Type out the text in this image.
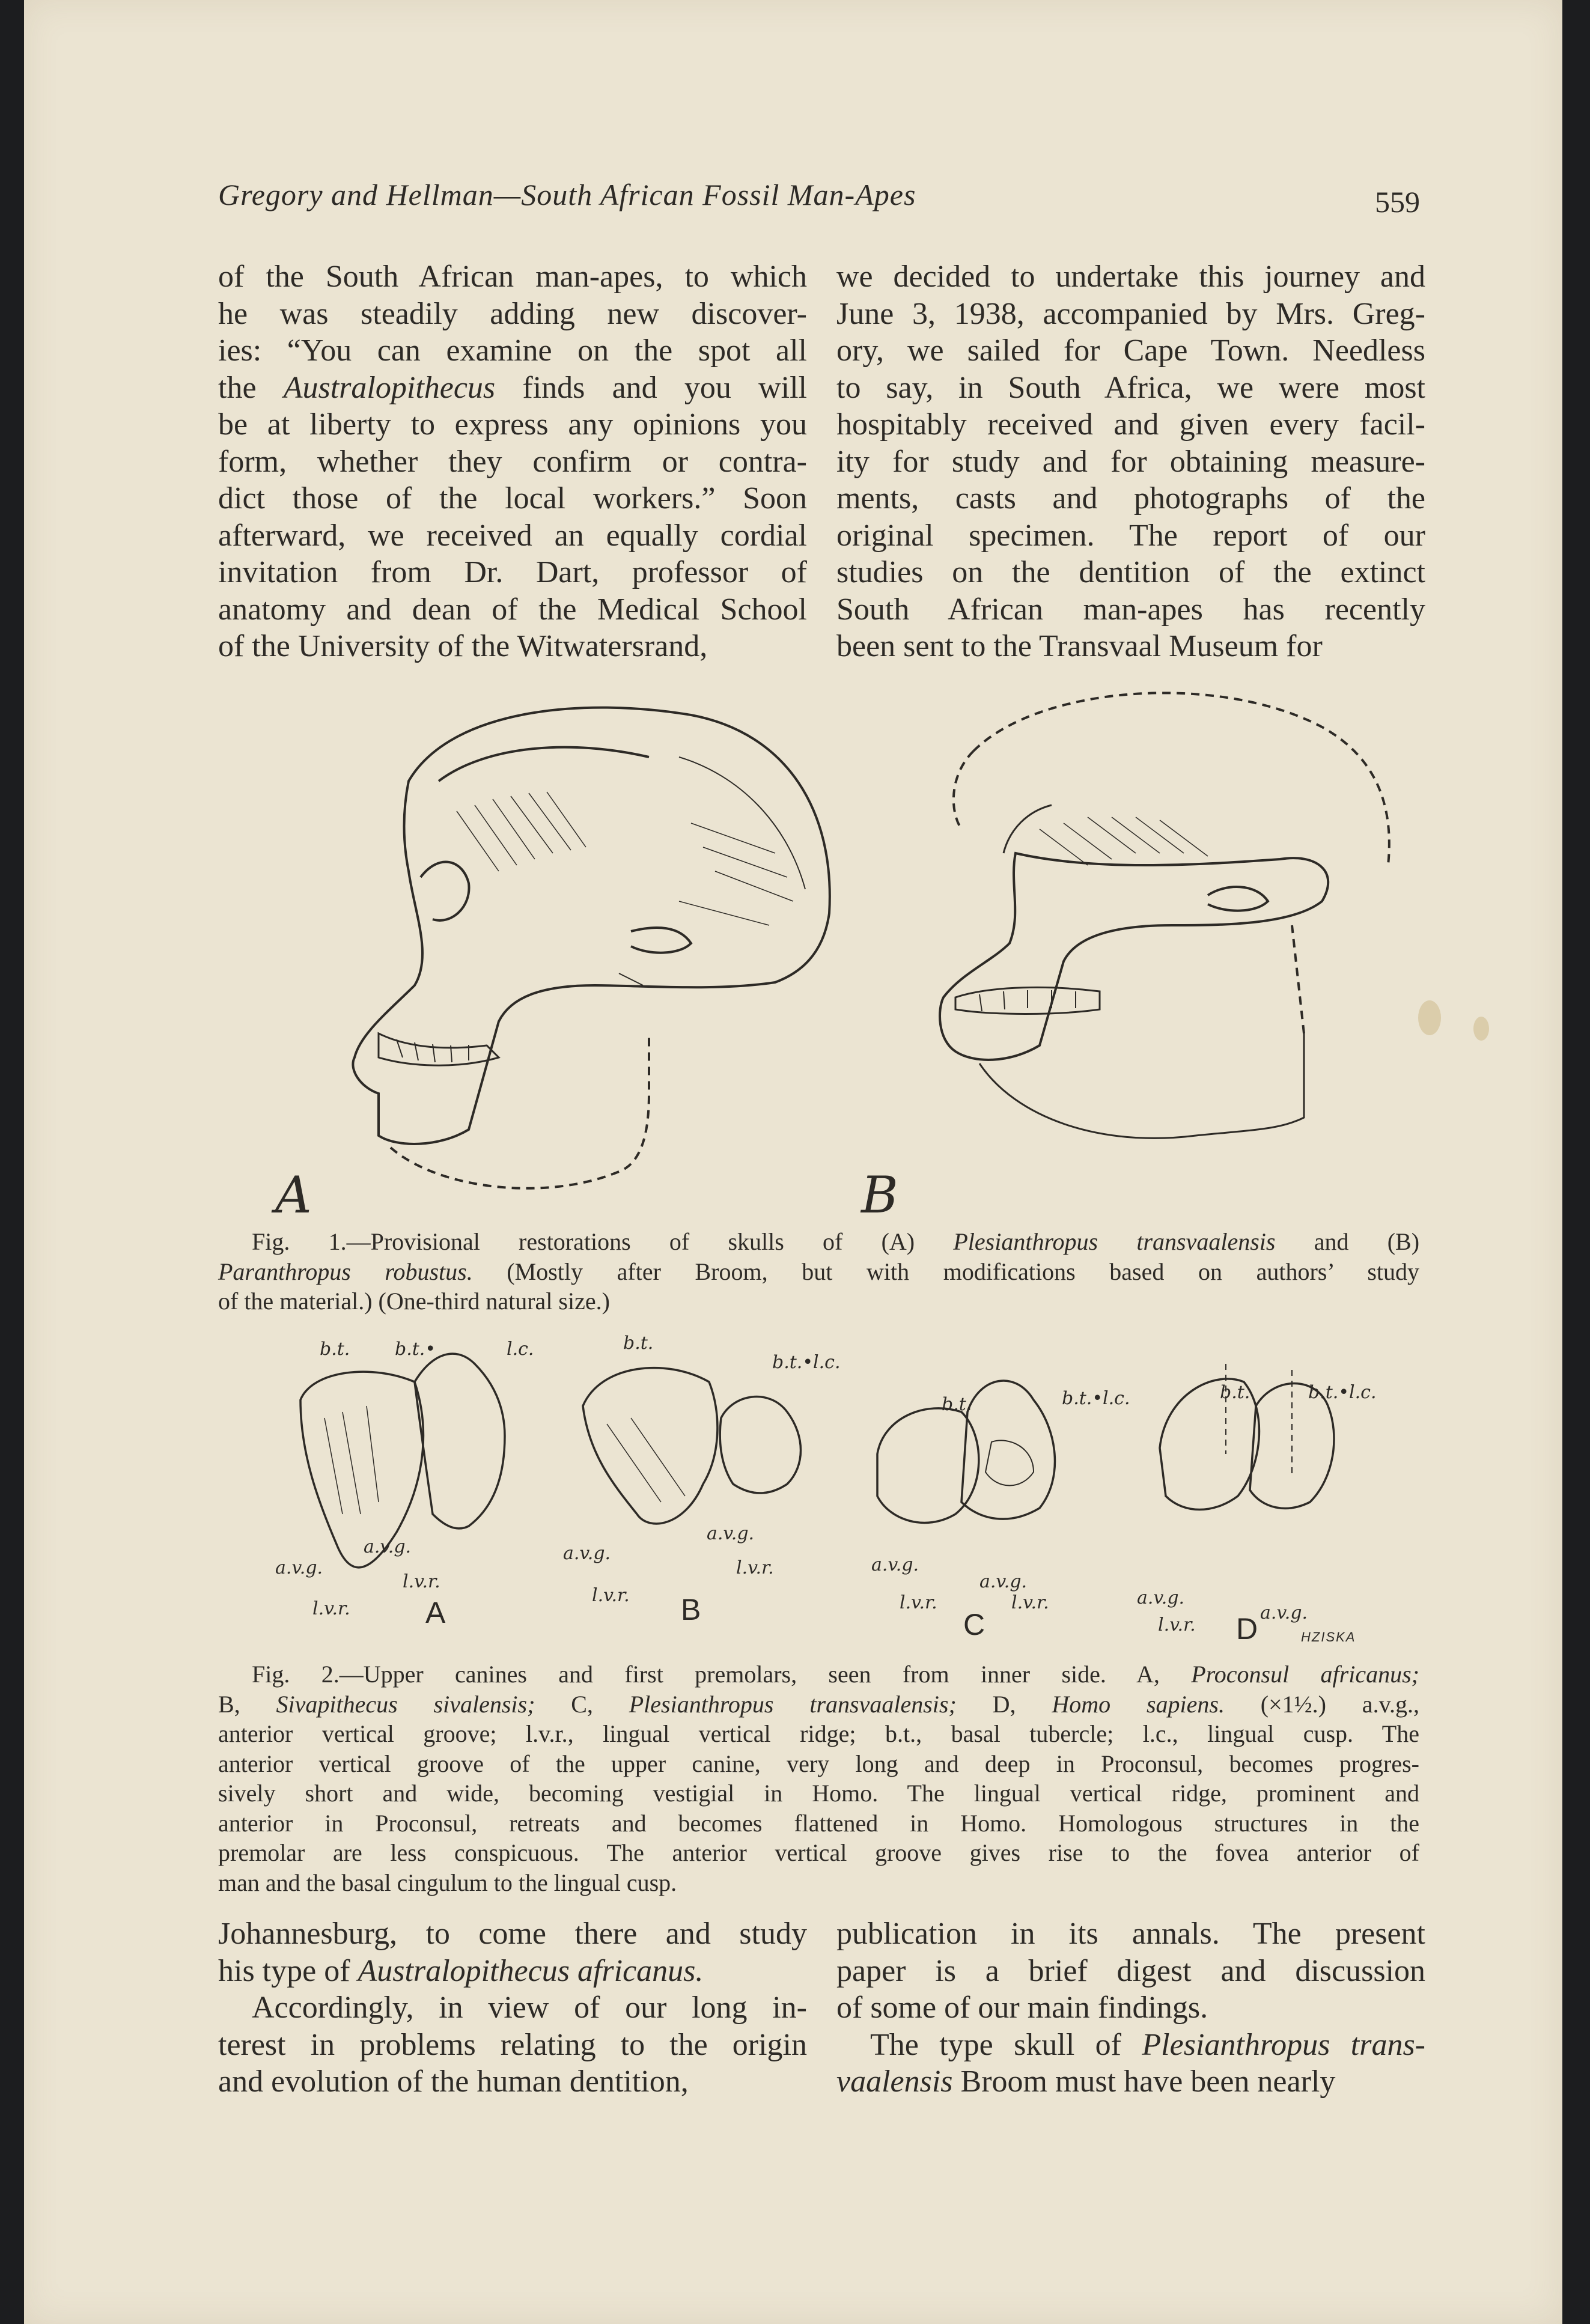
Gregory and Hellman—South African Fossil Man-Apes	559
of the South African man-apes, to which
he was steadily adding new discover-
ies: “You can examine on the spot all
the Australopithecus finds and you will
be at liberty to express any opinions you
form, whether they confirm or contra-
dict those of the local workers.” Soon
afterward, we received an equally cordial
invitation from Dr. Dart, professor of
anatomy and dean of the Medical School
of the University of the Witwatersrand,
we decided to undertake this journey and
June 3, 1938, accompanied by Mrs. Greg-
ory, we sailed for Cape Town. Needless
to say, in South Africa, we were most
hospitably received and given every facil-
ity for study and for obtaining measure-
ments, casts and photographs of the
original specimen. The report of our
studies on the dentition of the extinct
South African man-apes has recently
been sent to the Transvaal Museum for
A	B
Fig. 1.—Provisional restorations of skulls of (A) Plesianthropus transvaalensis and (B)
Paranthropus robustus. (Mostly after Broom, but with modifications based on authors’ study
of the material.) (One-third natural size.)
b.t. b.t.•	l.c.
a.v.g.
a.v.g.
l.v.r.
l.v.r.
b.t.
b.t.•l.c.
a.v.g.
a.v.g.
l.v.r.
l.v.r.
b.t.	b.t.•l.c.
a.v.g.
a.v.g.
l.v.r.	l.v.r.
b.t.	b.t.•l.c.
a.v.g.
a.v.g.
l.v.r.
A	B	C	D	HZISKA
Fig. 2.—Upper canines and first premolars, seen from inner side. A, Proconsul africanus;
B, Sivapithecus sivalensis; C, Plesianthropus transvaalensis; D, Homo sapiens. (×1½.) a.v.g.,
anterior vertical groove; l.v.r., lingual vertical ridge; b.t., basal tubercle; l.c., lingual cusp. The
anterior vertical groove of the upper canine, very long and deep in Proconsul, becomes progres-
sively short and wide, becoming vestigial in Homo. The lingual vertical ridge, prominent and
anterior in Proconsul, retreats and becomes flattened in Homo. Homologous structures in the
premolar are less conspicuous. The anterior vertical groove gives rise to the fovea anterior of
man and the basal cingulum to the lingual cusp.
Johannesburg, to come there and study
his type of Australopithecus africanus.
Accordingly, in view of our long in-
terest in problems relating to the origin
and evolution of the human dentition,
publication in its annals. The present
paper is a brief digest and discussion
of some of our main findings.
The type skull of Plesianthropus trans-
vaalensis Broom must have been nearly
